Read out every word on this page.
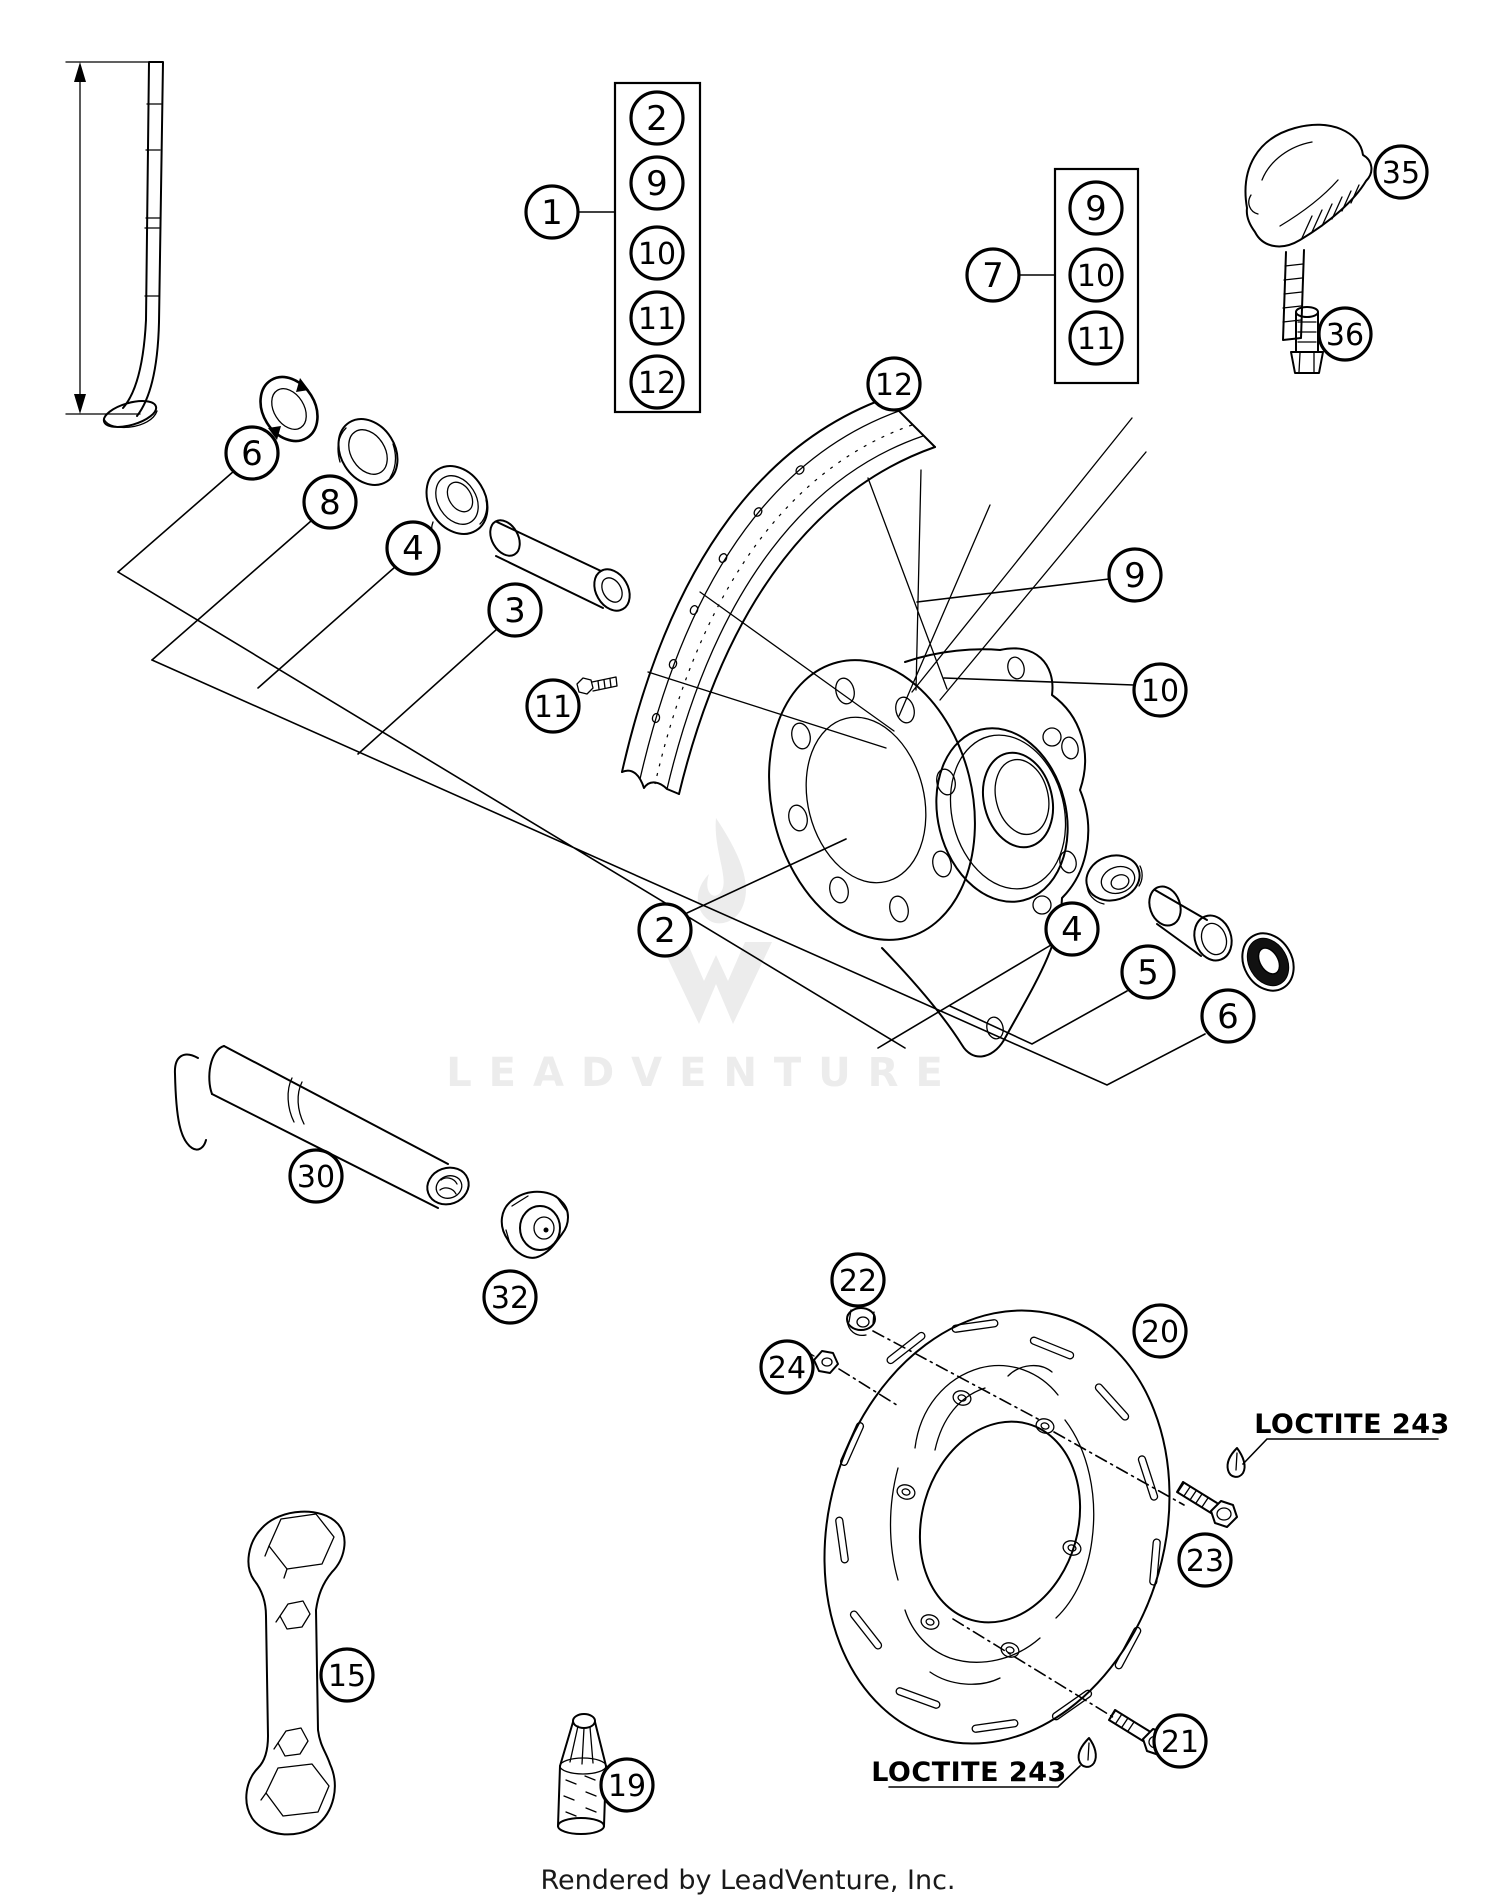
LEADVENTURE
LOCTITE 243
LOCTITE 243
Rendered by LeadVenture, Inc.
1
2
9
10
11
12
7
9
10
11
35
36
12
6
8
4
3
11
9
10
2	4
5
6
30
32
15
19
22
24
20
23
21
